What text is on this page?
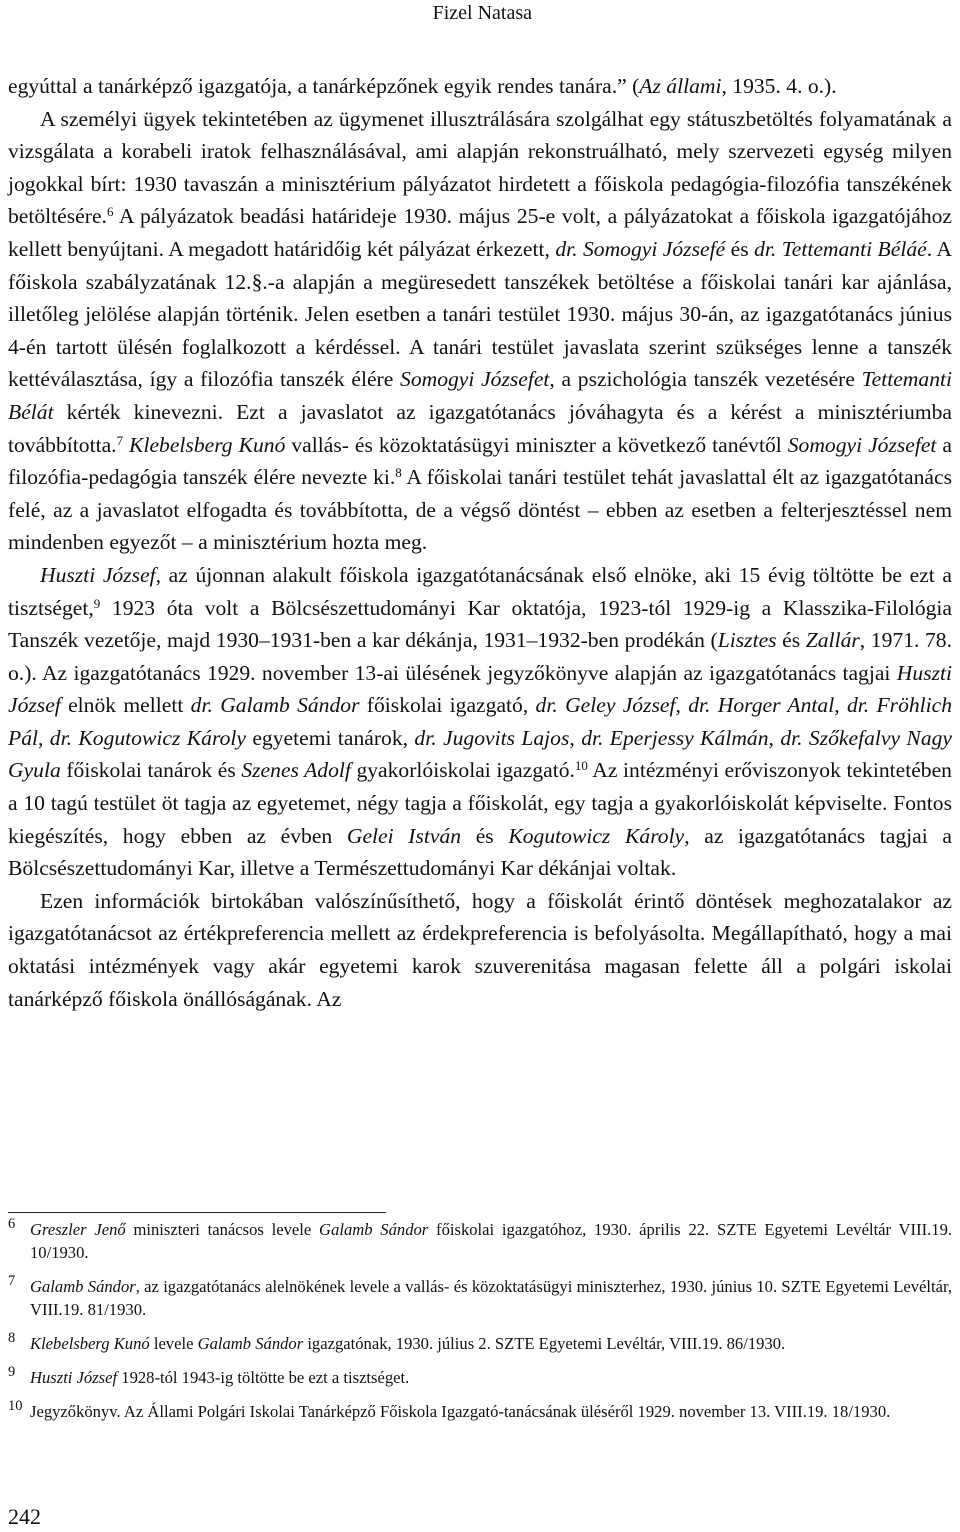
Fizel Natasa

egyúttal a tanárképző igazgatója, a tanárképzőnek egyik rendes tanára.” (Az állami, 1935. 4. o.).

A személyi ügyek tekintetében az ügymenet illusztrálására szolgálhat egy státuszbetöltés folyamatának a vizsgálata a korabeli iratok felhasználásával, ami alapján rekonstruálható, mely szervezeti egység milyen jogokkal bírt: 1930 tavaszán a minisztérium pályázatot hirdetett a főiskola pedagógia-filozófia tanszékének betöltésére.$^6$ A pályázatok beadási határideje 1930. május 25-e volt, a pályázatokat a főiskola igazgatójához kellett benyújtani. A megadott határidőig két pályázat érkezett, dr. Somogyi Józsefé és dr. Tettemanti Béláé. A főiskola szabályzatának 12.§.-a alapján a megüresedett tanszékek betöltése a főiskolai tanári kar ajánlása, illetőleg jelölése alapján történik. Jelen esetben a tanári testület 1930. május 30-án, az igazgatótanács június 4-én tartott ülésén foglalkozott a kérdéssel. A tanári testület javaslata szerint szükséges lenne a tanszék kettéválasztása, így a filozófia tanszék élére Somogyi Józsefet, a pszichológia tanszék vezetésére Tettemanti Bélát kérték kinevezni. Ezt a javaslatot az igazgatótanács jóváhagyta és a kérést a minisztériumba továbbította.$^7$ Klebelsberg Kunó vallás- és közoktatásügyi miniszter a következő tanévtől Somogyi Józsefet a filozófia-pedagógia tanszék élére nevezte ki.$^8$ A főiskolai tanári testület tehát javaslattal élt az igazgatótanács felé, az a javaslatot elfogadta és továbbította, de a végső döntést – ebben az esetben a felterjesztéssel nem mindenben egyezőt – a minisztérium hozta meg.

Huszti József, az újonnan alakult főiskola igazgatótanácsának első elnöke, aki 15 évig töltötte be ezt a tisztséget,$^9$ 1923 óta volt a Bölcsészettudományi Kar oktatója, 1923-tól 1929-ig a Klasszika-Filológia Tanszék vezetője, majd 1930–1931-ben a kar dékánja, 1931–1932-ben prodékán (Lisztes és Zallár, 1971. 78. o.). Az igazgatótanács 1929. november 13-ai ülésének jegyzőkönyve alapján az igazgatótanács tagjai Huszti József elnök mellett dr. Galamb Sándor főiskolai igazgató, dr. Geley József, dr. Horger Antal, dr. Fröhlich Pál, dr. Kogutowicz Károly egyetemi tanárok, dr. Jugovits Lajos, dr. Eperjessy Kálmán, dr. Szőkefalvy Nagy Gyula főiskolai tanárok és Szenes Adolf gyakorlóiskolai igazgató.$^{10}$ Az intézményi erőviszonyok tekintetében a 10 tagú testület öt tagja az egyetemet, négy tagja a főiskolát, egy tagja a gyakorlóiskolát képviselte. Fontos kiegészítés, hogy ebben az évben Gelei István és Kogutowicz Károly, az igazgatótanács tagjai a Bölcsészettudományi Kar, illetve a Természettudományi Kar dékánjai voltak.

Ezen információk birtokában valószínűsíthető, hogy a főiskolát érintő döntések meghozatalakor az igazgatótanácsot az értékpreferencia mellett az érdekpreferencia is befolyásolta. Megállapítható, hogy a mai oktatási intézmények vagy akár egyetemi karok szuverenitása magasan felette áll a polgári iskolai tanárképző főiskola önállóságának. Az

6 Greszler Jenő miniszteri tanácsos levele Galamb Sándor főiskolai igazgatóhoz, 1930. április 22. SZTE Egyetemi Levéltár VIII.19. 10/1930.
7 Galamb Sándor, az igazgatótanács alelnökének levele a vallás- és közoktatásügyi miniszterhez, 1930. június 10. SZTE Egyetemi Levéltár, VIII.19. 81/1930.
8 Klebelsberg Kunó levele Galamb Sándor igazgatónak, 1930. július 2. SZTE Egyetemi Levéltár, VIII.19. 86/1930.
9 Huszti József 1928-tól 1943-ig töltötte be ezt a tisztséget.
10 Jegyzőkönyv. Az Állami Polgári Iskolai Tanárképző Főiskola Igazgató-tanácsának üléséről 1929. november 13. VIII.19. 18/1930.
242
